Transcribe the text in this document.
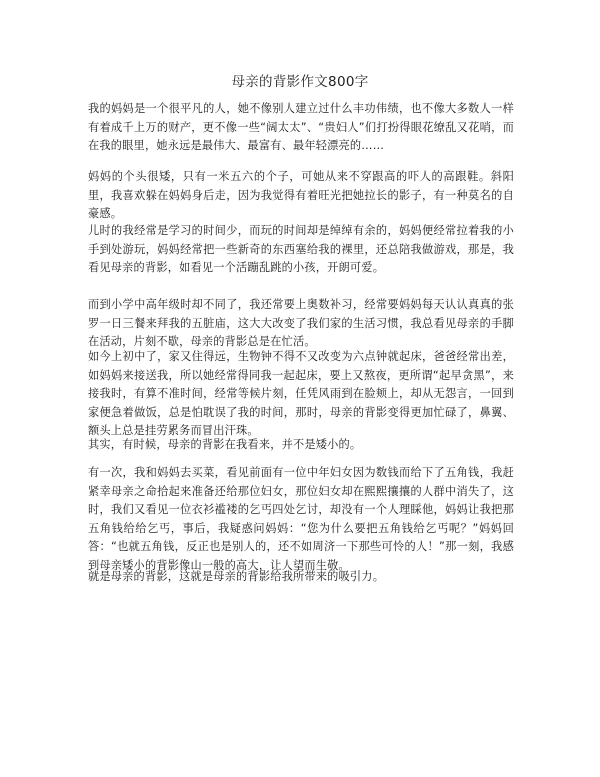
母亲的背影作文800字

我的妈妈是一个很平凡的人，她不像别人建立过什么丰功伟绩，也不像大多数人一样有着成千上万的财产，更不像一些“阔太太”、“贵妇人”们打扮得眼花缭乱又花哨，而在我的眼里，她永远是最伟大、最富有、最年轻漂亮的……

妈妈的个头很矮，只有一米五六的个子，可她从来不穿跟高的吓人的高跟鞋。斜阳里，我喜欢躲在妈妈身后走，因为我觉得有着旺光把她拉长的影子，有一种莫名的自豪感。

儿时的我经常是学习的时间少，而玩的时间却是绰绰有余的，妈妈便经常拉着我的小手到处游玩，妈妈经常把一些新奇的东西塞给我的裸里，还总陪我做游戏，那是，我看见母亲的背影，如看见一个活蹦乱跳的小孩，开朗可爱。

而到小学中高年级时却不同了，我还常要上奥数补习，经常要妈妈每天认认真真的张罗一日三餐来拜我的五脏庙，这大大改变了我们家的生活习惯，我总看见母亲的手脚在活动，片刻不歇，母亲的背影总是在忙活。

如今上初中了，家又住得远，生物钟不得不又改变为六点钟就起床，爸爸经常出差，如妈妈来接送我，所以她经常得同我一起起床，要上又熬夜，更所谓“起早贪黑”，来接我时，有算不准时间，经常等候片刻，任凭风雨到在脸颊上，却从无怨言，一回到家便急着做饭，总是怕耽误了我的时间，那时，母亲的背影变得更加忙碌了，鼻翼、额头上总是挂劳累务而冒出汗珠。

其实，有时候，母亲的背影在我看来，并不是矮小的。

有一次，我和妈妈去买菜，看见前面有一位中年妇女因为数钱而给下了五角钱，我赶紧幸母亲之命拾起来准备还给那位妇女，那位妇女却在熙熙攘攘的人群中消失了，这时，我们又看见一位衣衫褴褛的乞丐四处乞讨，却没有一个人理睬他，妈妈让我把那五角钱给给乞丐，事后，我疑惑问妈妈：“您为什么要把五角钱给乞丐呢？”妈妈回答：“也就五角钱，反正也是别人的，还不如周济一下那些可怜的人！”那一刻，我感到母亲矮小的背影像山一般的高大，让人望而生敬。

就是母亲的背影，这就是母亲的背影给我所带来的吸引力。
